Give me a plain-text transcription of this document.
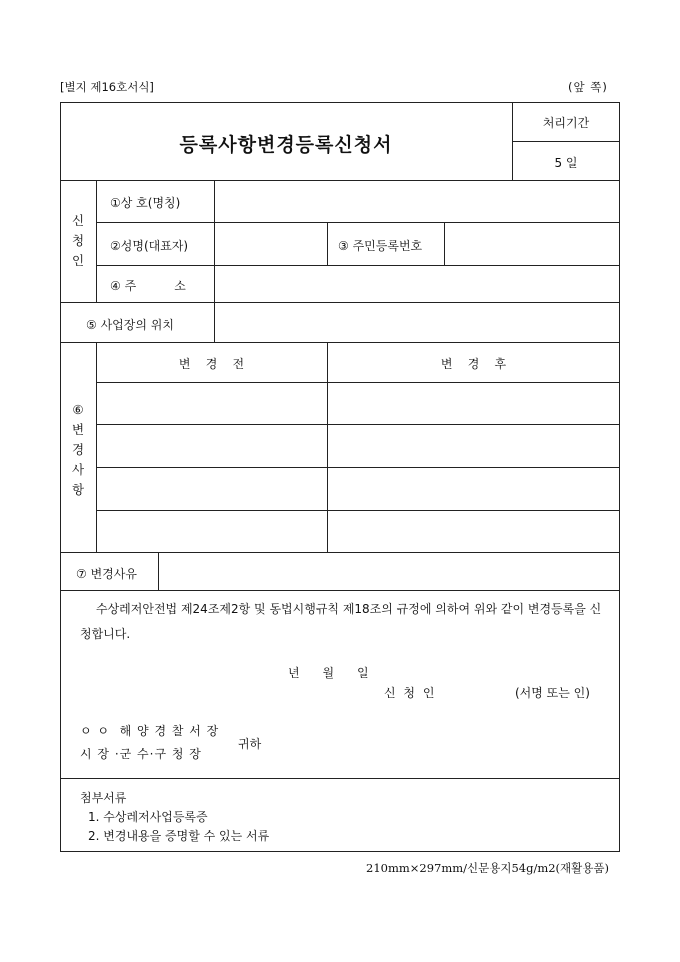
[별지 제16호서식]	(앞 쪽)
등록사항변경등록신청서
처리기간
5 일
신
청
인
①상 호(명칭)
②성명(대표자)	③ 주민등록번호
④ 주          소
⑤ 사업장의 위치
⑥
변
경
사
항
변    경    전	변    경    후
⑦ 변경사유
수상레저안전법 제24조제2항 및 동법시행규칙 제18조의 규정에 의하여 위와 같이 변경등록을 신청합니다.
년      월      일
신 청 인	(서명 또는 인)
ㅇ ㅇ  해 양 경 찰 서 장
시 장 ·군 수·구 청 장
귀하
첨부서류
1. 수상레저사업등록증
2. 변경내용을 증명할 수 있는 서류
210mm×297mm/신문용지54g/m2(재활용품)
